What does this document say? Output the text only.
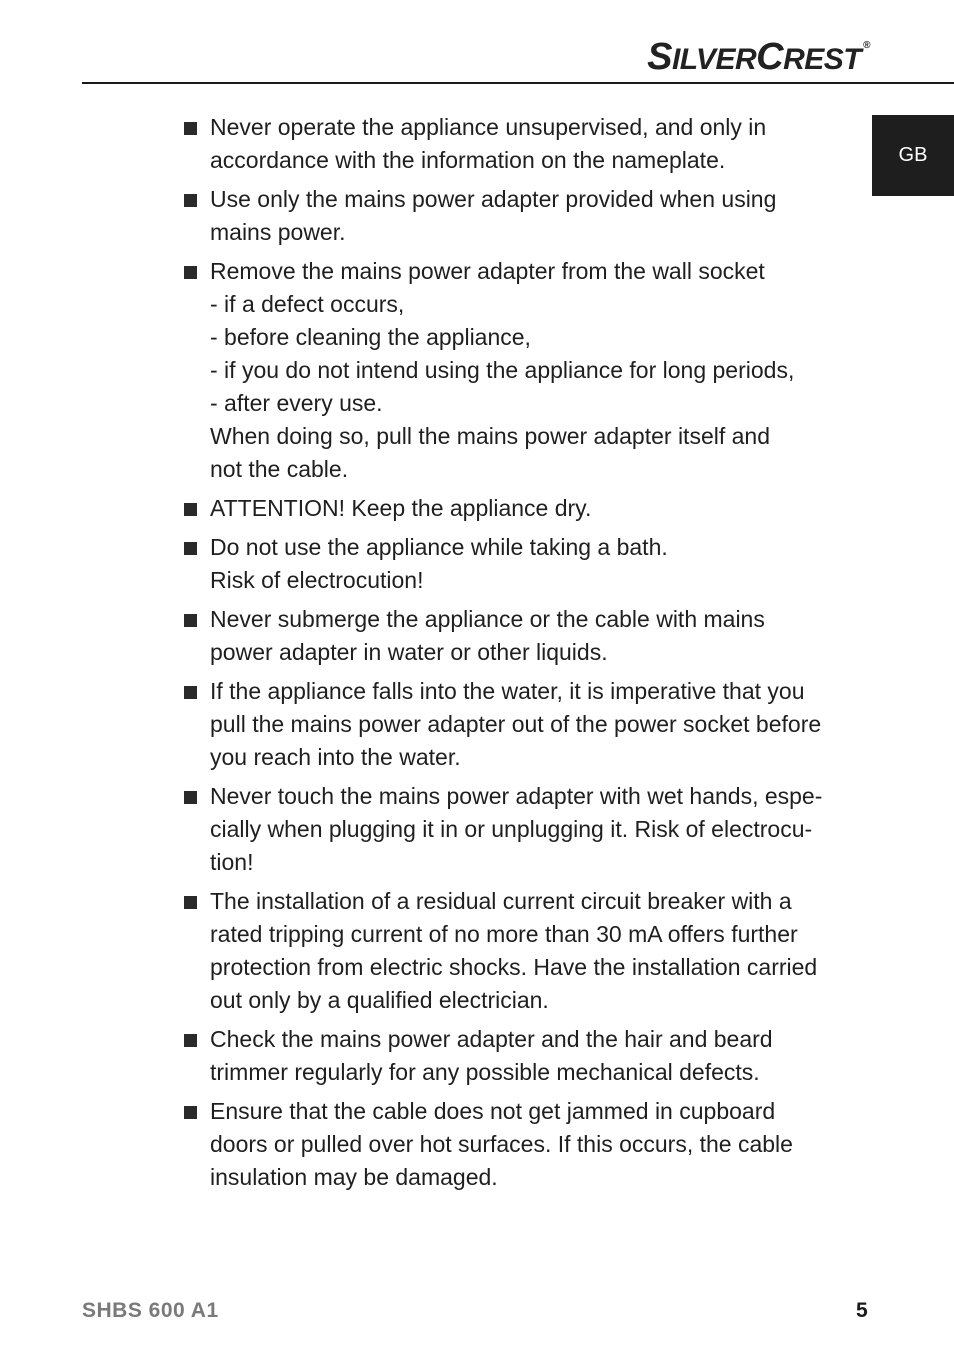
SILVERCREST ®
GB
Never operate the appliance unsupervised, and only in
accordance with the information on the nameplate.
Use only the mains power adapter provided when using
mains power.
Remove the mains power adapter from the wall socket
- if a defect occurs,
- before cleaning the appliance,
- if you do not intend using the appliance for long periods,
- after every use.
When doing so, pull the mains power adapter itself and
not the cable.
ATTENTION! Keep the appliance dry.
Do not use the appliance while taking a bath.
Risk of electrocution!
Never submerge the appliance or the cable with mains
power adapter in water or other liquids.
If the appliance falls into the water, it is imperative that you
pull the mains power adapter out of the power socket before
you reach into the water.
Never touch the mains power adapter with wet hands, espe-
cially when plugging it in or unplugging it. Risk of electrocu-
tion!
The installation of a residual current circuit breaker with a
rated tripping current of no more than 30 mA offers further
protection from electric shocks. Have the installation carried
out only by a qualified electrician.
Check the mains power adapter and the hair and beard
trimmer regularly for any possible mechanical defects.
Ensure that the cable does not get jammed in cupboard
doors or pulled over hot surfaces. If this occurs, the cable
insulation may be damaged.
SHBS 600 A1	5
